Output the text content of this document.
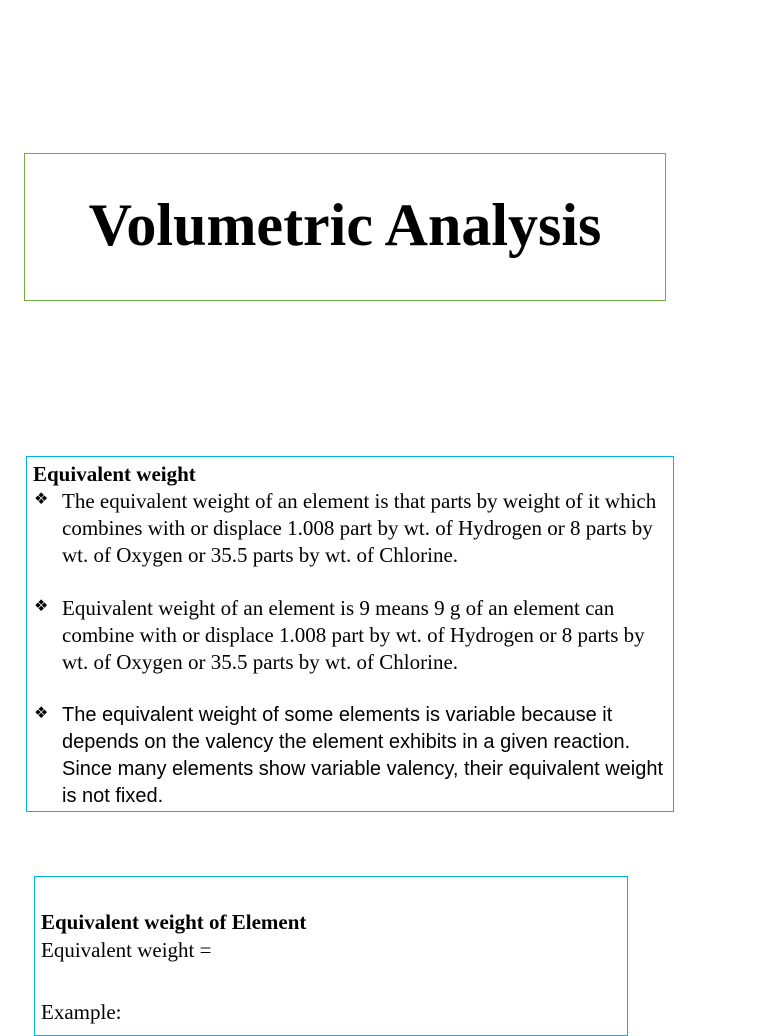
Volumetric Analysis

Equivalent weight

❖ The equivalent weight of an element is that parts by weight of it which combines with or displace 1.008 part by wt. of Hydrogen or 8 parts by wt. of Oxygen or 35.5 parts by wt. of Chlorine.
❖ Equivalent weight of an element is 9 means 9 g of an element can combine with or displace 1.008 part by wt. of Hydrogen or 8 parts by wt. of Oxygen or 35.5 parts by wt. of Chlorine.
❖ The equivalent weight of some elements is variable because it depends on the valency the element exhibits in a given reaction. Since many elements show variable valency, their equivalent weight is not fixed.

Equivalent weight of Element

Equivalent weight =

Example:
